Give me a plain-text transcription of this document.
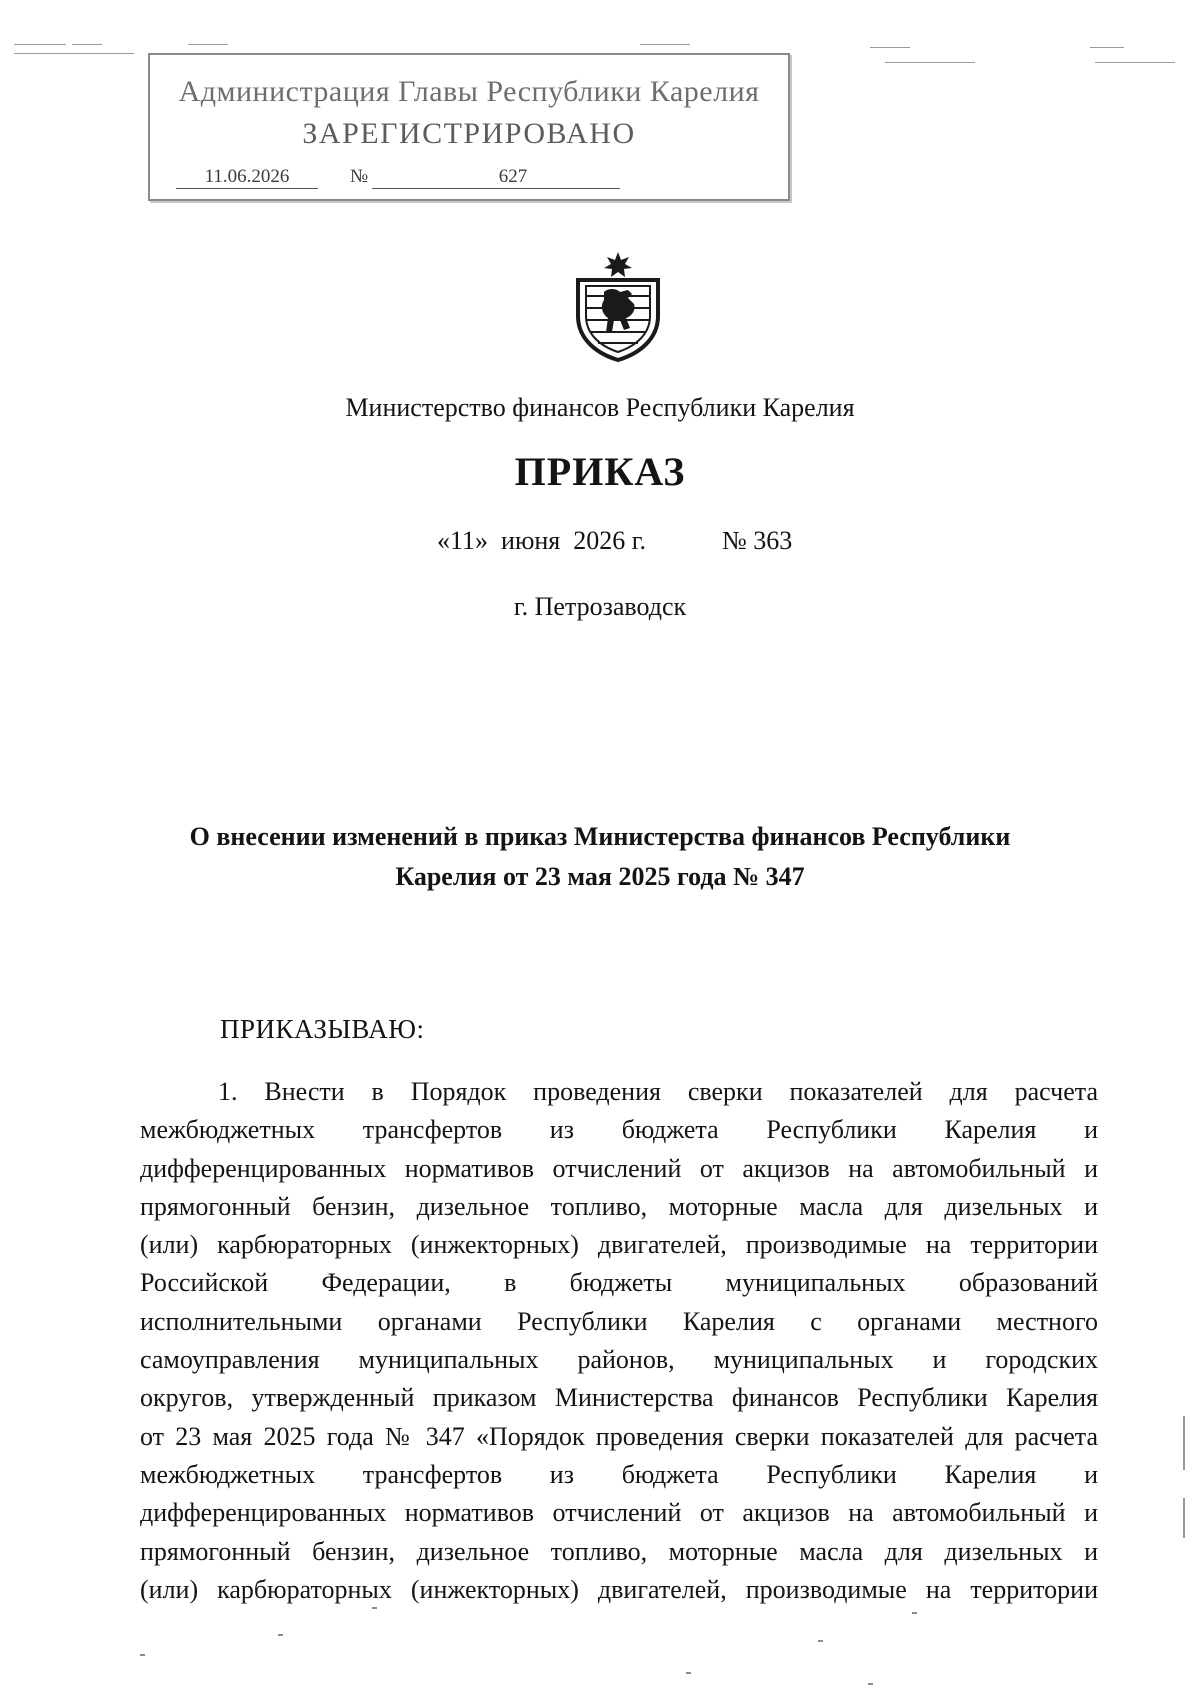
Администрация Главы Республики Карелия
ЗАРЕГИСТРИРОВАНО
11.06.2026	№	627
Министерство финансов Республики Карелия
ПРИКАЗ
«11»  июня  2026 г.	№ 363
г. Петрозаводск
О внесении изменений в приказ Министерства финансов Республики
Карелия от 23 мая 2025 года № 347
ПРИКАЗЫВАЮ:
1. Внести в Порядок проведения сверки показателей для расчета
межбюджетных трансфертов из бюджета Республики Карелия и
дифференцированных нормативов отчислений от акцизов на автомобильный и
прямогонный бензин, дизельное топливо, моторные масла для дизельных и
(или) карбюраторных (инжекторных) двигателей, производимые на территории
Российской Федерации, в бюджеты муниципальных образований
исполнительными органами Республики Карелия с органами местного
самоуправления муниципальных районов, муниципальных и городских
округов, утвержденный приказом Министерства финансов Республики Карелия
от 23 мая 2025 года № 347 «Порядок проведения сверки показателей для расчета
межбюджетных трансфертов из бюджета Республики Карелия и
дифференцированных нормативов отчислений от акцизов на автомобильный и
прямогонный бензин, дизельное топливо, моторные масла для дизельных и
(или) карбюраторных (инжекторных) двигателей, производимые на территории
